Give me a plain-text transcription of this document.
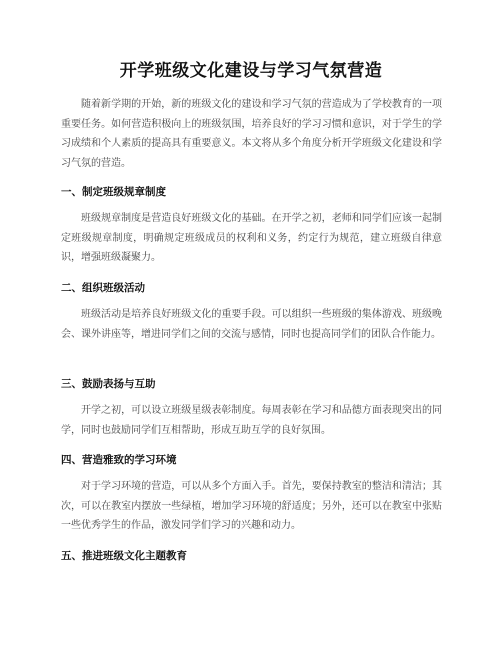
开学班级文化建设与学习气氛营造

随着新学期的开始，新的班级文化的建设和学习气氛的营造成为了学校教育的一项重要任务。如何营造积极向上的班级氛围，培养良好的学习习惯和意识，对于学生的学习成绩和个人素质的提高具有重要意义。本文将从多个角度分析开学班级文化建设和学习气氛的营造。

一、制定班级规章制度

班级规章制度是营造良好班级文化的基础。在开学之初，老师和同学们应该一起制定班级规章制度，明确规定班级成员的权利和义务，约定行为规范，建立班级自律意识，增强班级凝聚力。

二、组织班级活动

班级活动是培养良好班级文化的重要手段。可以组织一些班级的集体游戏、班级晚会、课外讲座等，增进同学们之间的交流与感情，同时也提高同学们的团队合作能力。

三、鼓励表扬与互助

开学之初，可以设立班级星级表彰制度。每周表彰在学习和品德方面表现突出的同学，同时也鼓励同学们互相帮助，形成互助互学的良好氛围。

四、营造雅致的学习环境

对于学习环境的营造，可以从多个方面入手。首先，要保持教室的整洁和清洁；其次，可以在教室内摆放一些绿植，增加学习环境的舒适度；另外，还可以在教室中张贴一些优秀学生的作品，激发同学们学习的兴趣和动力。

五、推进班级文化主题教育
